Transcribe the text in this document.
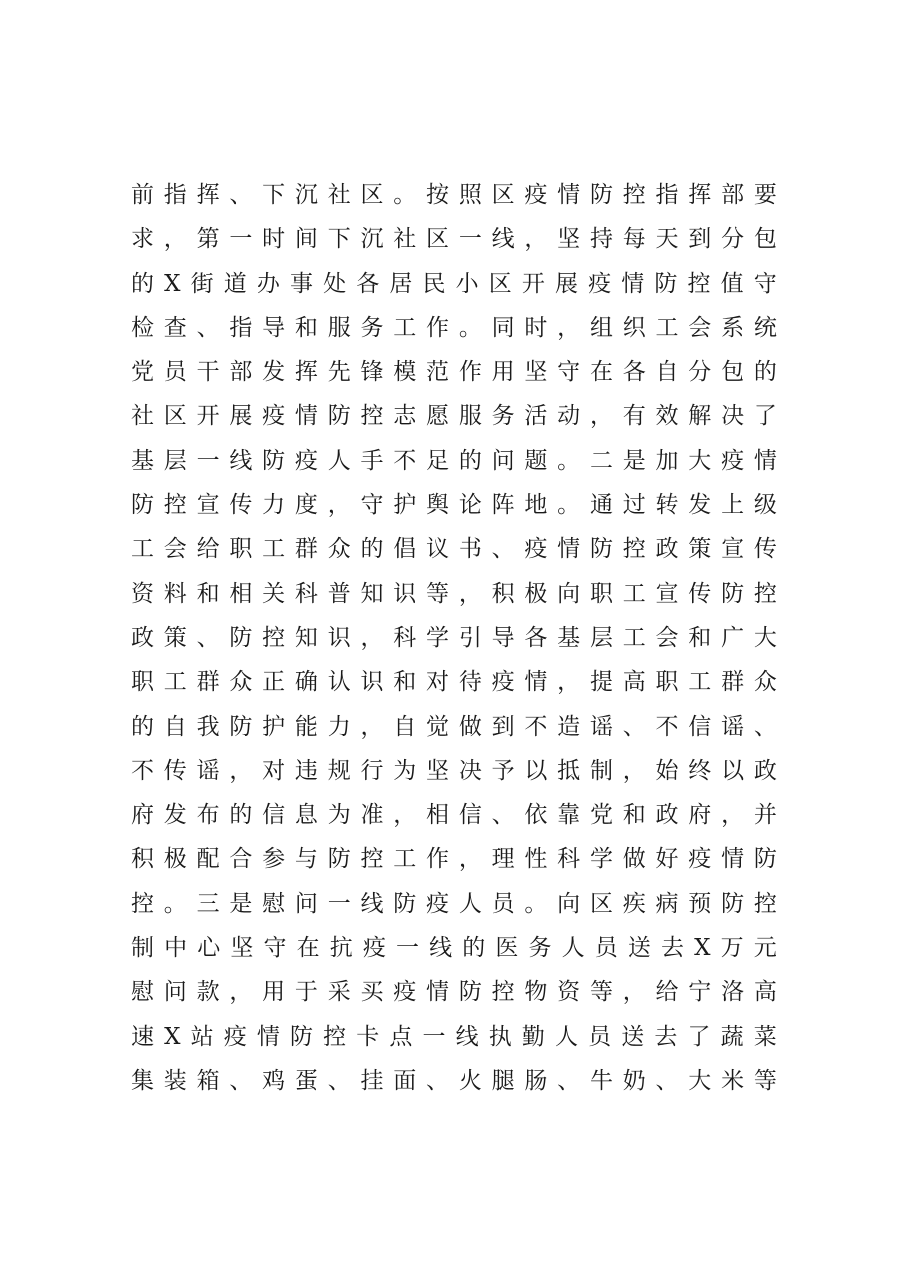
前 指 挥 、 下 沉 社 区 。 按 照 区 疫 情 防 控 指 挥 部 要
求 ， 第 一 时 间 下 沉 社 区 一 线 ， 坚 持 每 天 到 分 包
的 X 街 道 办 事 处 各 居 民 小 区 开 展 疫 情 防 控 值 守
检 查 、 指 导 和 服 务 工 作 。 同 时 ， 组 织 工 会 系 统
党 员 干 部 发 挥 先 锋 模 范 作 用 坚 守 在 各 自 分 包 的
社 区 开 展 疫 情 防 控 志 愿 服 务 活 动 ， 有 效 解 决 了
基 层 一 线 防 疫 人 手 不 足 的 问 题 。 二 是 加 大 疫 情
防 控 宣 传 力 度 ， 守 护 舆 论 阵 地 。 通 过 转 发 上 级
工 会 给 职 工 群 众 的 倡 议 书 、 疫 情 防 控 政 策 宣 传
资 料 和 相 关 科 普 知 识 等 ， 积 极 向 职 工 宣 传 防 控
政 策 、 防 控 知 识 ， 科 学 引 导 各 基 层 工 会 和 广 大
职 工 群 众 正 确 认 识 和 对 待 疫 情 ， 提 高 职 工 群 众
的 自 我 防 护 能 力 ， 自 觉 做 到 不 造 谣 、 不 信 谣 、
不 传 谣 ， 对 违 规 行 为 坚 决 予 以 抵 制 ， 始 终 以 政
府 发 布 的 信 息 为 准 ， 相 信 、 依 靠 党 和 政 府 ， 并
积 极 配 合 参 与 防 控 工 作 ， 理 性 科 学 做 好 疫 情 防
控 。 三 是 慰 问 一 线 防 疫 人 员 。 向 区 疾 病 预 防 控
制 中 心 坚 守 在 抗 疫 一 线 的 医 务 人 员 送 去 X 万 元
慰 问 款 ， 用 于 采 买 疫 情 防 控 物 资 等 ， 给 宁 洛 高
速 X 站 疫 情 防 控 卡 点 一 线 执 勤 人 员 送 去 了 蔬 菜
集 装 箱 、 鸡 蛋 、 挂 面 、 火 腿 肠 、 牛 奶 、 大 米 等
